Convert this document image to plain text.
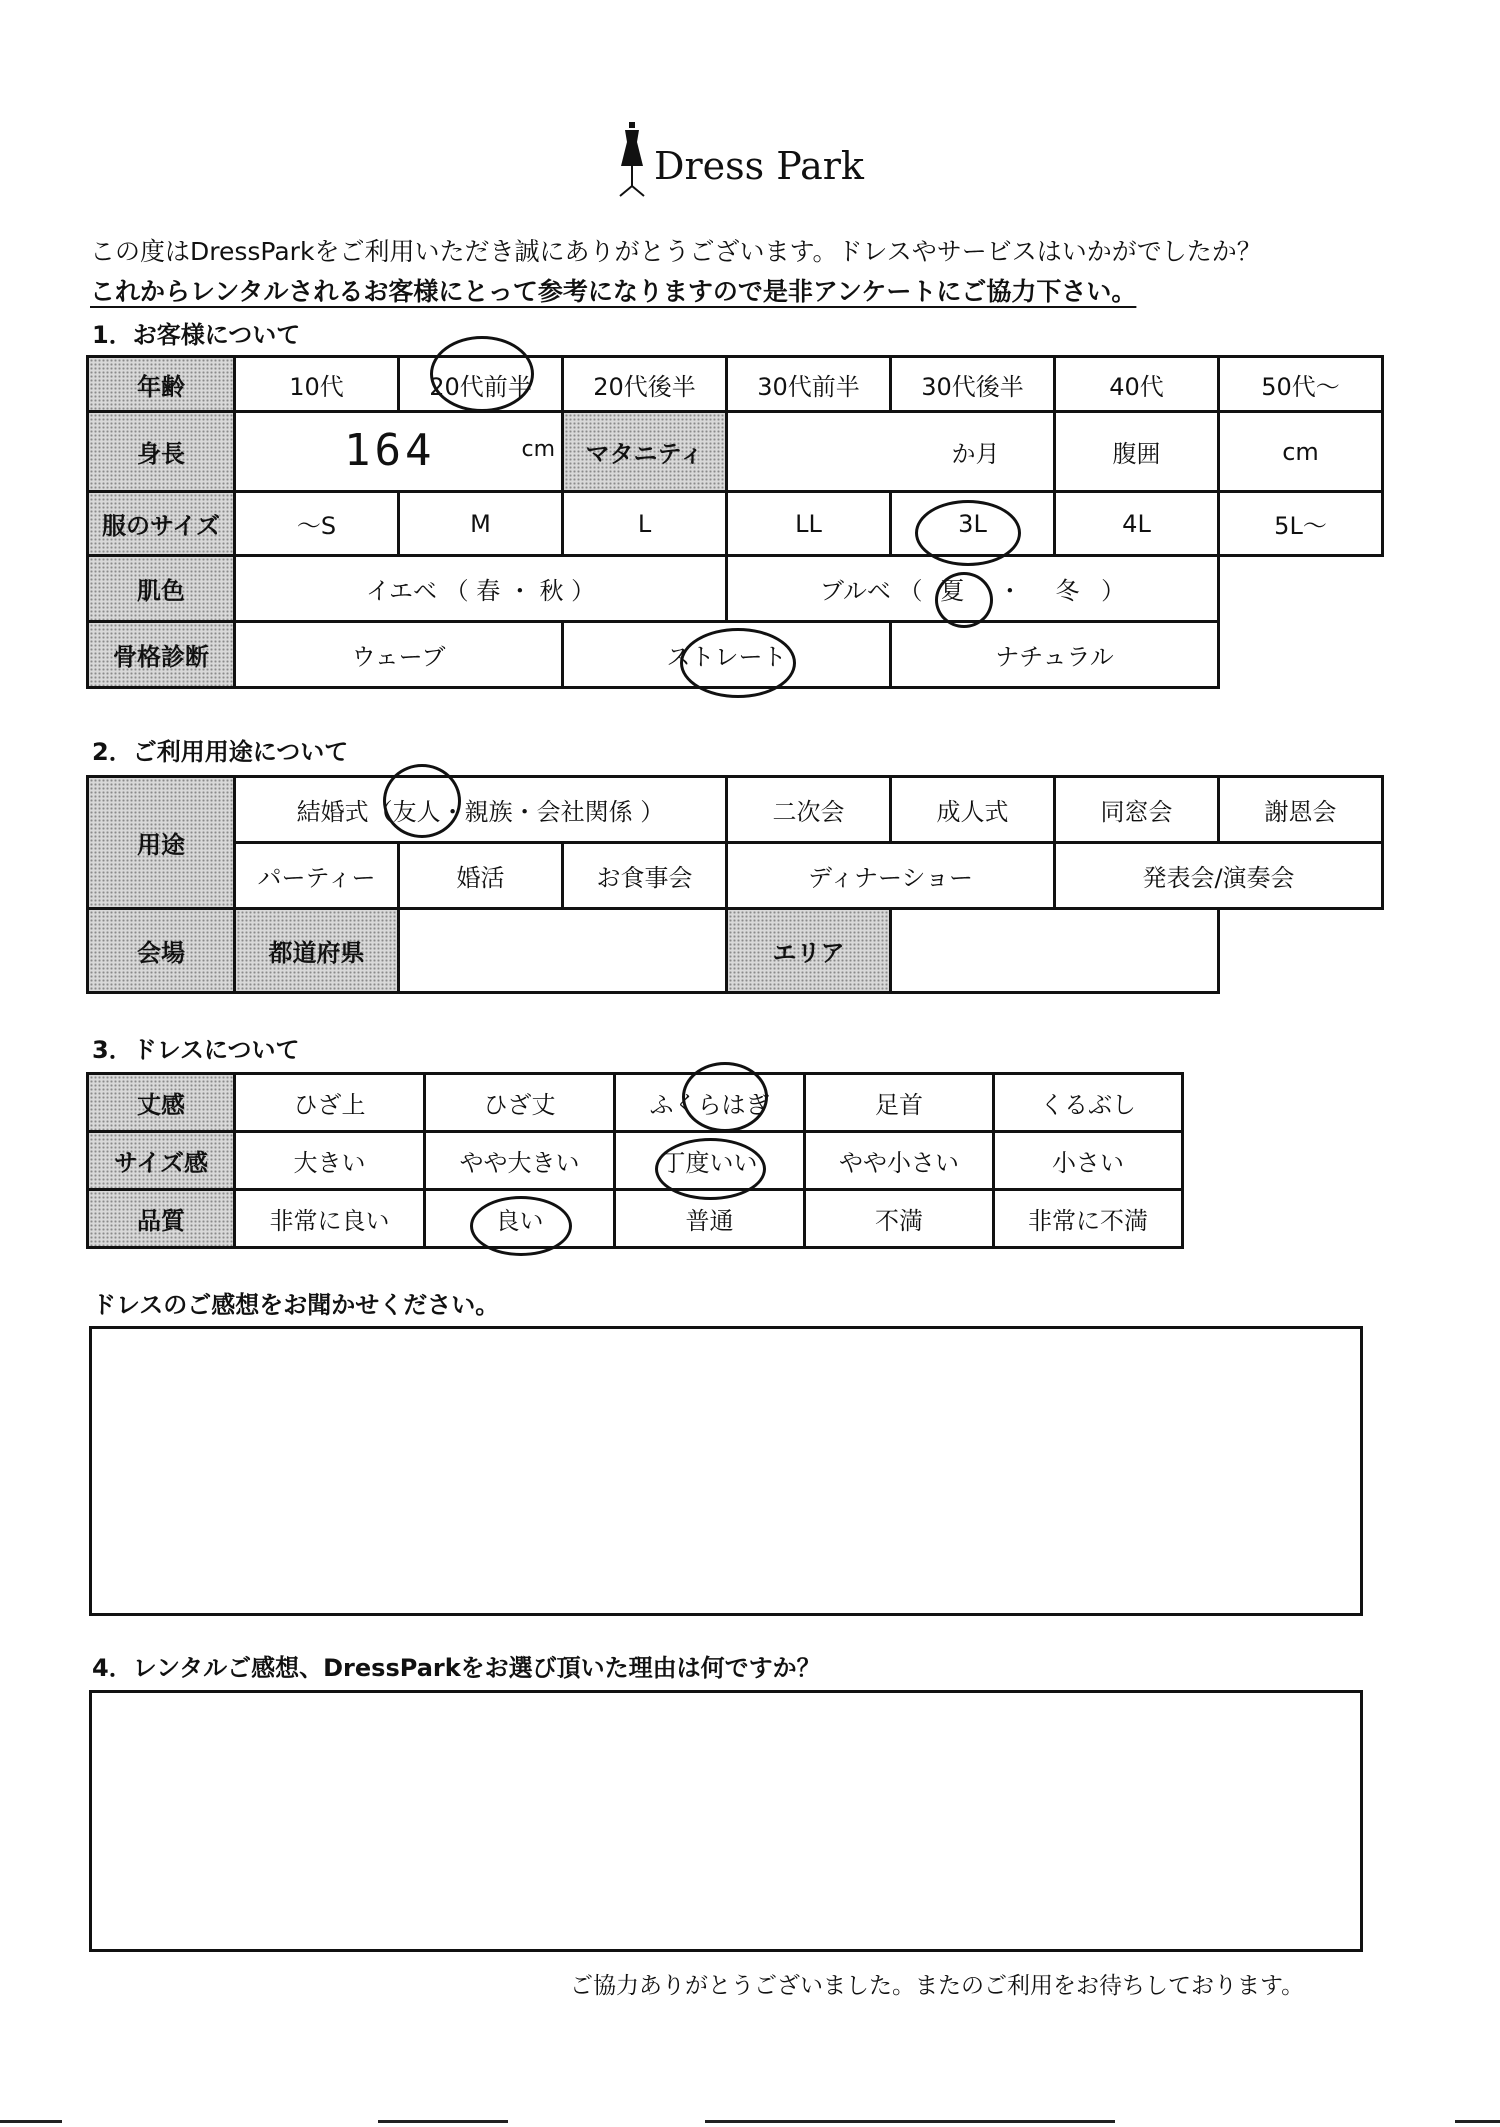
Dress Park
この度はDressParkをご利用いただき誠にありがとうございます。ドレスやサービスはいかがでしたか？
これからレンタルされるお客様にとって参考になりますので是非アンケートにご協力下さい。
1．お客様について
年齢	10代	20代前半	20代後半	30代前半	30代後半	40代	50代～
身長	164 cm		マタニティ	か月		腹囲	cm
服のサイズ	～S	M	L	LL	3L	4L	5L～
肌色	イエベ （ 春 ・ 秋 ）			ブルベ （ 夏 ・ 冬 ）			
骨格診断	ウェーブ		ストレート		ナチュラル		
2．ご利用用途について
用途	結婚式（友人・親族・会社関係 ）			二次会	成人式	同窓会	謝恩会
	パーティー	婚活	お食事会	ディナーショー		発表会/演奏会	
会場	都道府県			エリア			
3．ドレスについて
丈感	ひざ上	ひざ丈	ふくらはぎ	足首	くるぶし
サイズ感	大きい	やや大きい	丁度いい	やや小さい	小さい
品質	非常に良い	良い	普通	不満	非常に不満
ドレスのご感想をお聞かせください。
4．レンタルご感想、DressParkをお選び頂いた理由は何ですか？
ご協力ありがとうございました。またのご利用をお待ちしております。
